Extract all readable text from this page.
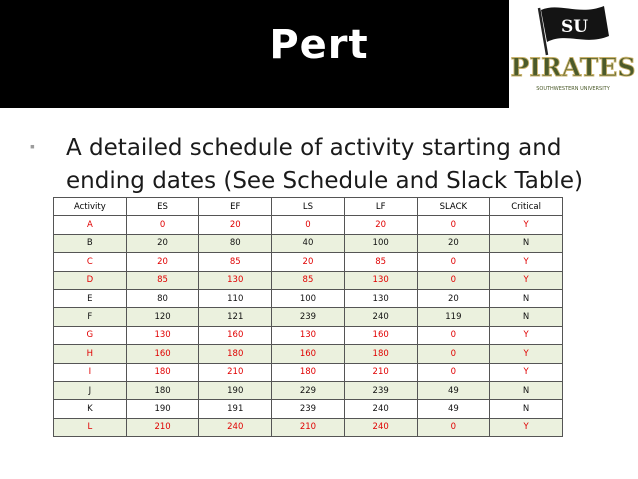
Pert	SU
PIRATES
SOUTHWESTERN UNIVERSITY
▪	A detailed schedule of activity starting and ending dates (See Schedule and Slack Table)
Activity	ES	EF	LS	LF	SLACK	Critical
A	0	20	0	20	0	Y
B	20	80	40	100	20	N
C	20	85	20	85	0	Y
D	85	130	85	130	0	Y
E	80	110	100	130	20	N
F	120	121	239	240	119	N
G	130	160	130	160	0	Y
H	160	180	160	180	0	Y
I	180	210	180	210	0	Y
J	180	190	229	239	49	N
K	190	191	239	240	49	N
L	210	240	210	240	0	Y
